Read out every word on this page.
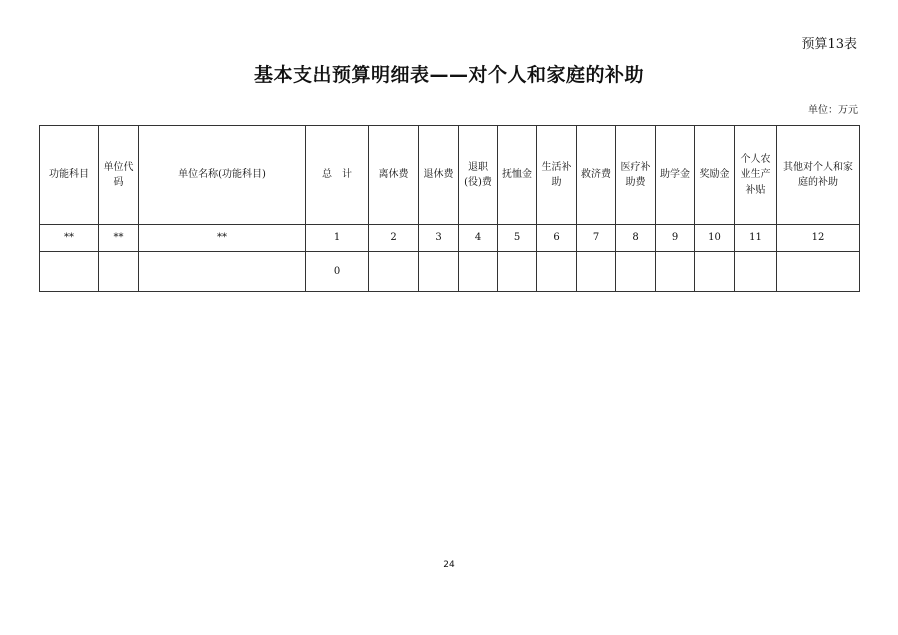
预算13表
基本支出预算明细表——对个人和家庭的补助
单位：万元
功能科目	单位代码	单位名称(功能科目)	总　计	离休费	退休费	退职(役)费	抚恤金	生活补助	救济费	医疗补助费	助学金	奖励金	个人农业生产补贴	其他对个人和家庭的补助
**	**	**	1	2	3	4	5	6	7	8	9	10	11	12
			0											
24
